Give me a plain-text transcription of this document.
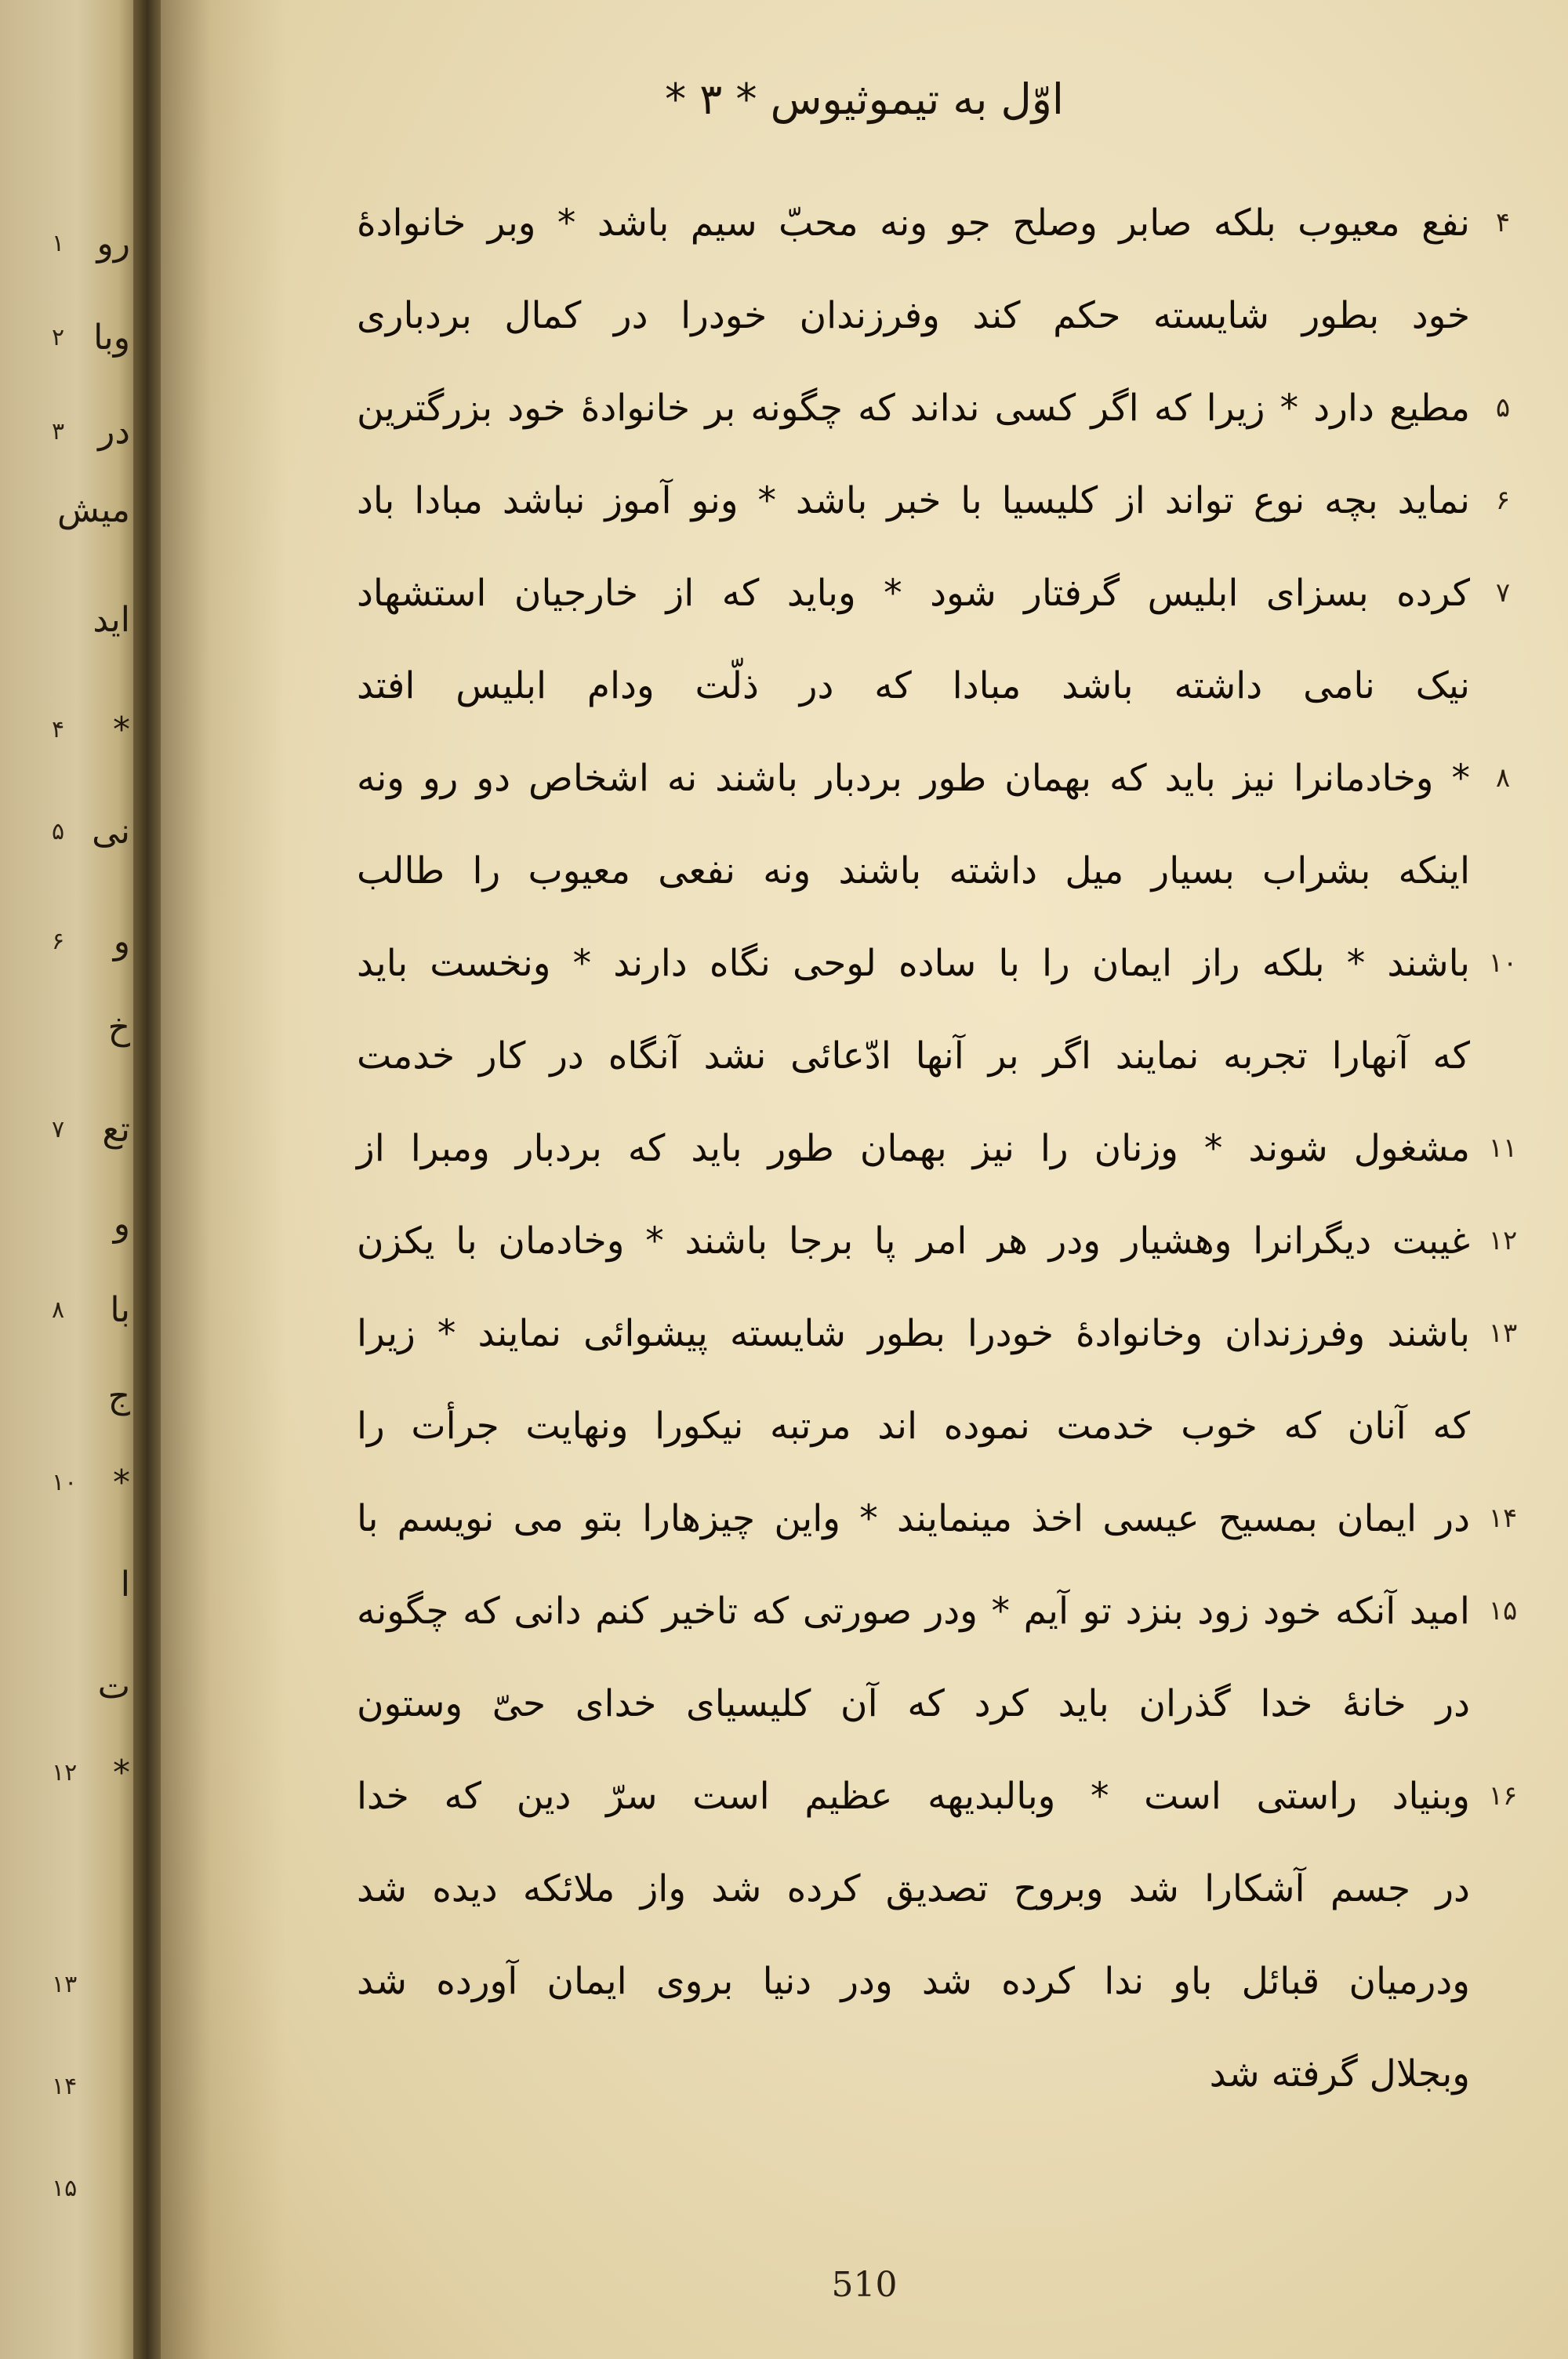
۱ رو
۲ وبا
۳ در
میش
اید
۴	*
۵ نی
۶	و
خ
۷	تع
و
۸	با
ج
۱۰	*
ا
ت
۱۲	*
۱۳
۱۴
۱۵
اوّل به تیموثیوس * ۳ *
۴
نفع معیوب بلکه صابر وصلح جو ونه محبّ سیم باشد * وبر خانوادهٔ
خود بطور شایسته حکم کند وفرزندان خودرا در کمال بردباری
۵
مطیع دارد * زیرا که اگر کسی نداند که چگونه بر خانوادهٔ خود بزرگترین
۶
نماید بچه نوع تواند از کلیسیا با خبر باشد * ونو آموز نباشد مبادا باد
۷
کرده بسزای ابلیس گرفتار شود * وباید که از خارجیان استشهاد
نیک نامی داشته باشد مبادا که در ذلّت ودام ابلیس افتد
۸
* وخادمانرا نیز باید که بهمان طور بردبار باشند نه اشخاص دو رو ونه
اینکه بشراب بسیار میل داشته باشند ونه نفعی معیوب را طالب
۱۰
باشند * بلکه راز ایمان را با ساده لوحی نگاه دارند * ونخست باید
که آنهارا تجربه نمایند اگر بر آنها ادّعائی نشد آنگاه در کار خدمت
۱۱
مشغول شوند * وزنان را نیز بهمان طور باید که بردبار ومبرا از
۱۲
غیبت دیگرانرا وهشیار ودر هر امر پا برجا باشند * وخادمان با یکزن
۱۳
باشند وفرزندان وخانوادهٔ خودرا بطور شایسته پیشوائی نمایند * زیرا
که آنان که خوب خدمت نموده اند مرتبه نیکورا ونهایت جرأت را
۱۴
در ایمان بمسیح عیسی اخذ مینمایند * واین چیزهارا بتو می نویسم با
۱۵
امید آنکه خود زود بنزد تو آیم * ودر صورتی که تاخیر کنم دانی که چگونه
در خانهٔ خدا گذران باید کرد که آن کلیسیای خدای حیّ وستون
۱۶
وبنیاد راستی است * وبالبدیهه عظیم است سرّ دین که خدا
در جسم آشکارا شد وبروح تصدیق کرده شد واز ملائکه دیده شد
ودرمیان قبائل باو ندا کرده شد ودر دنیا بروی ایمان آورده شد
وبجلال گرفته شد
510
